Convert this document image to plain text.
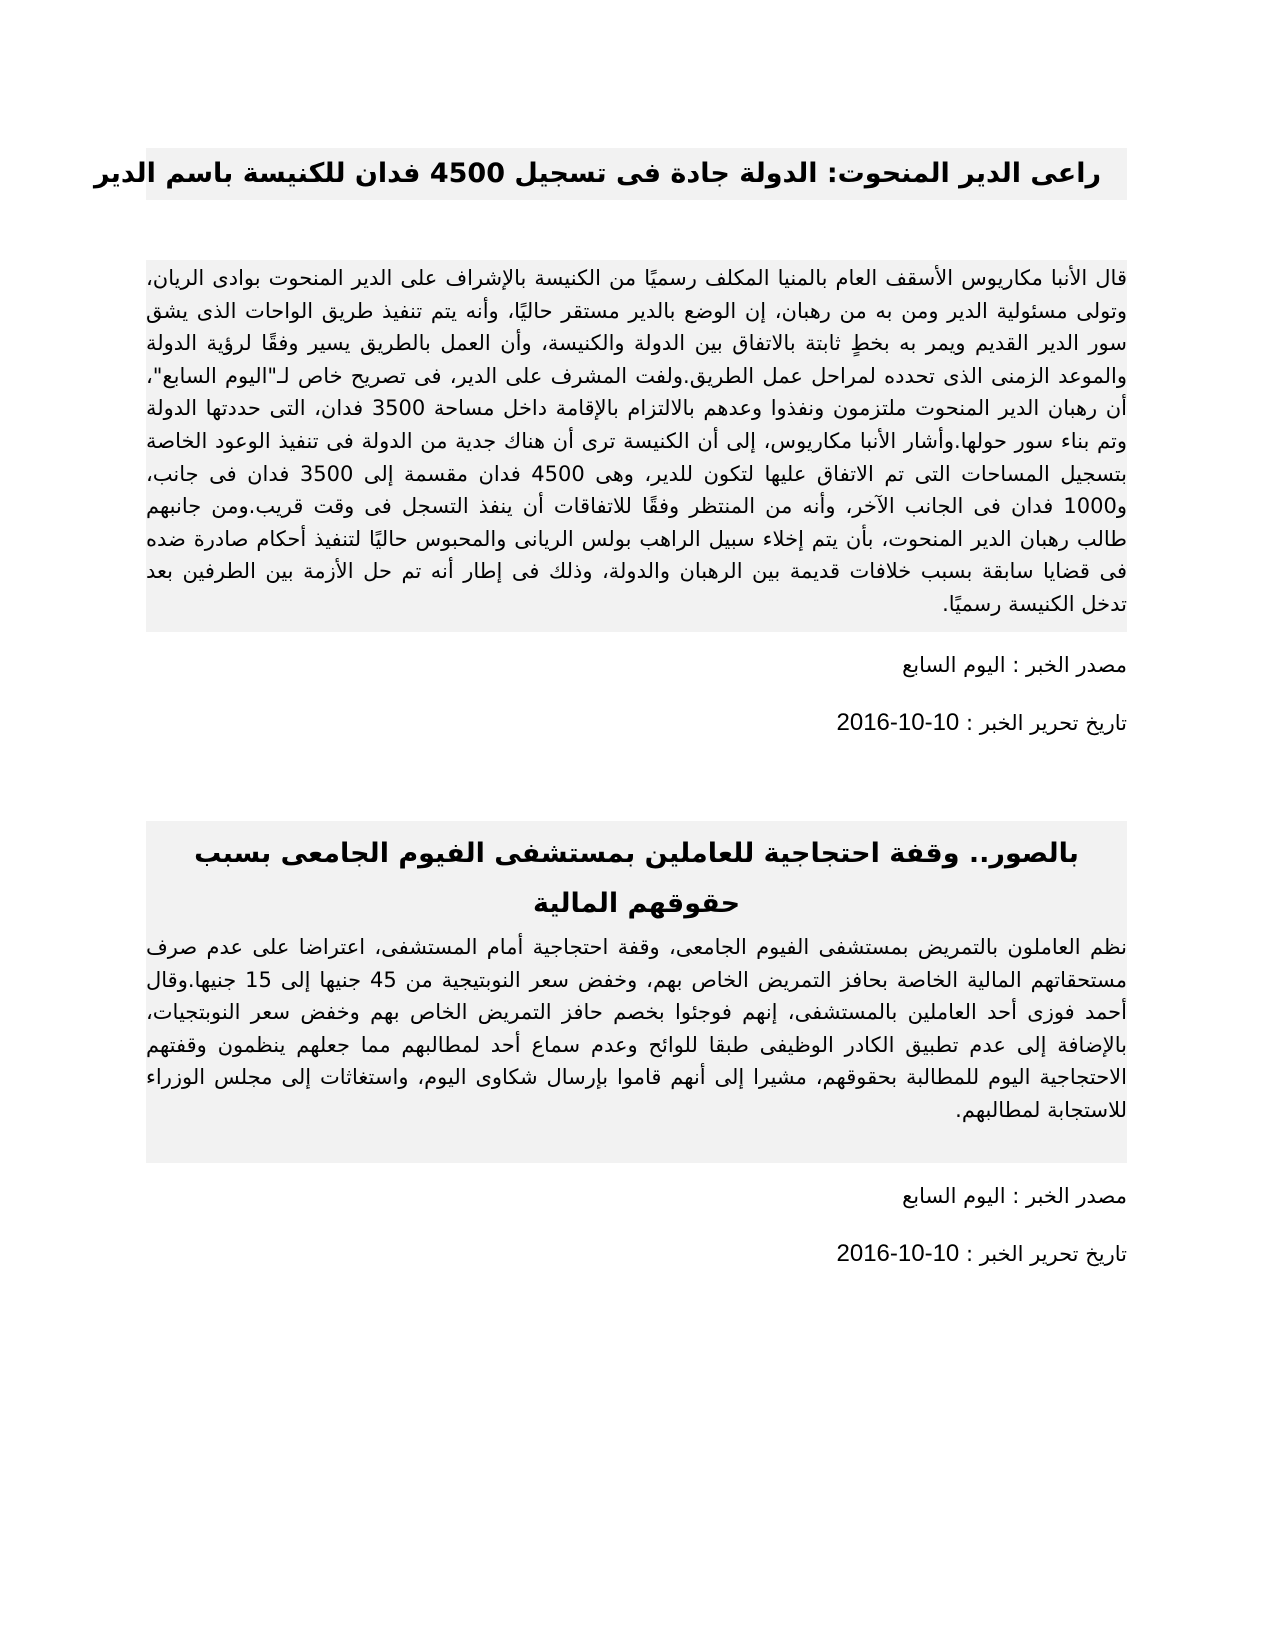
راعى الدير المنحوت: الدولة جادة فى تسجيل 4500 فدان للكنيسة باسم الدير

قال الأنبا مكاريوس الأسقف العام بالمنيا المكلف رسميًا من الكنيسة بالإشراف على الدير المنحوت بوادى الريان، وتولى مسئولية الدير ومن به من رهبان، إن الوضع بالدير مستقر حاليًا، وأنه يتم تنفيذ طريق الواحات الذى يشق سور الدير القديم ويمر به بخطٍ ثابتة بالاتفاق بين الدولة والكنيسة، وأن العمل بالطريق يسير وفقًا لرؤية الدولة والموعد الزمنى الذى تحدده لمراحل عمل الطريق.ولفت المشرف على الدير، فى تصريح خاص لـ"اليوم السابع"، أن رهبان الدير المنحوت ملتزمون ونفذوا وعدهم بالالتزام بالإقامة داخل مساحة 3500 فدان، التى حددتها الدولة وتم بناء سور حولها.وأشار الأنبا مكاريوس، إلى أن الكنيسة ترى أن هناك جدية من الدولة فى تنفيذ الوعود الخاصة بتسجيل المساحات التى تم الاتفاق عليها لتكون للدير، وهى 4500 فدان مقسمة إلى 3500 فدان فى جانب، و1000 فدان فى الجانب الآخر، وأنه من المنتظر وفقًا للاتفاقات أن ينفذ التسجل فى وقت قريب.ومن جانبهم طالب رهبان الدير المنحوت، بأن يتم إخلاء سبيل الراهب بولس الريانى والمحبوس حاليًا لتنفيذ أحكام صادرة ضده فى قضايا سابقة بسبب خلافات قديمة بين الرهبان والدولة، وذلك فى إطار أنه تم حل الأزمة بين الطرفين بعد تدخل الكنيسة رسميًا.

مصدر الخبر : اليوم السابع

تاريخ تحرير الخبر : 2016-10-10

بالصور.. وقفة احتجاجية للعاملين بمستشفى الفيوم الجامعى بسبب حقوقهم المالية

نظم العاملون بالتمريض بمستشفى الفيوم الجامعى، وقفة احتجاجية أمام المستشفى، اعتراضا على عدم صرف مستحقاتهم المالية الخاصة بحافز التمريض الخاص بهم، وخفض سعر النوبتيجية من 45 جنيها إلى 15 جنيها.وقال أحمد فوزى أحد العاملين بالمستشفى، إنهم فوجئوا بخصم حافز التمريض الخاص بهم وخفض سعر النوبتجيات، بالإضافة إلى عدم تطبيق الكادر الوظيفى طبقا للوائح وعدم سماع أحد لمطالبهم مما جعلهم ينظمون وقفتهم الاحتجاجية اليوم للمطالبة بحقوقهم، مشيرا إلى أنهم قاموا بإرسال شكاوى اليوم، واستغاثات إلى مجلس الوزراء للاستجابة لمطالبهم.

مصدر الخبر : اليوم السابع

تاريخ تحرير الخبر : 2016-10-10
